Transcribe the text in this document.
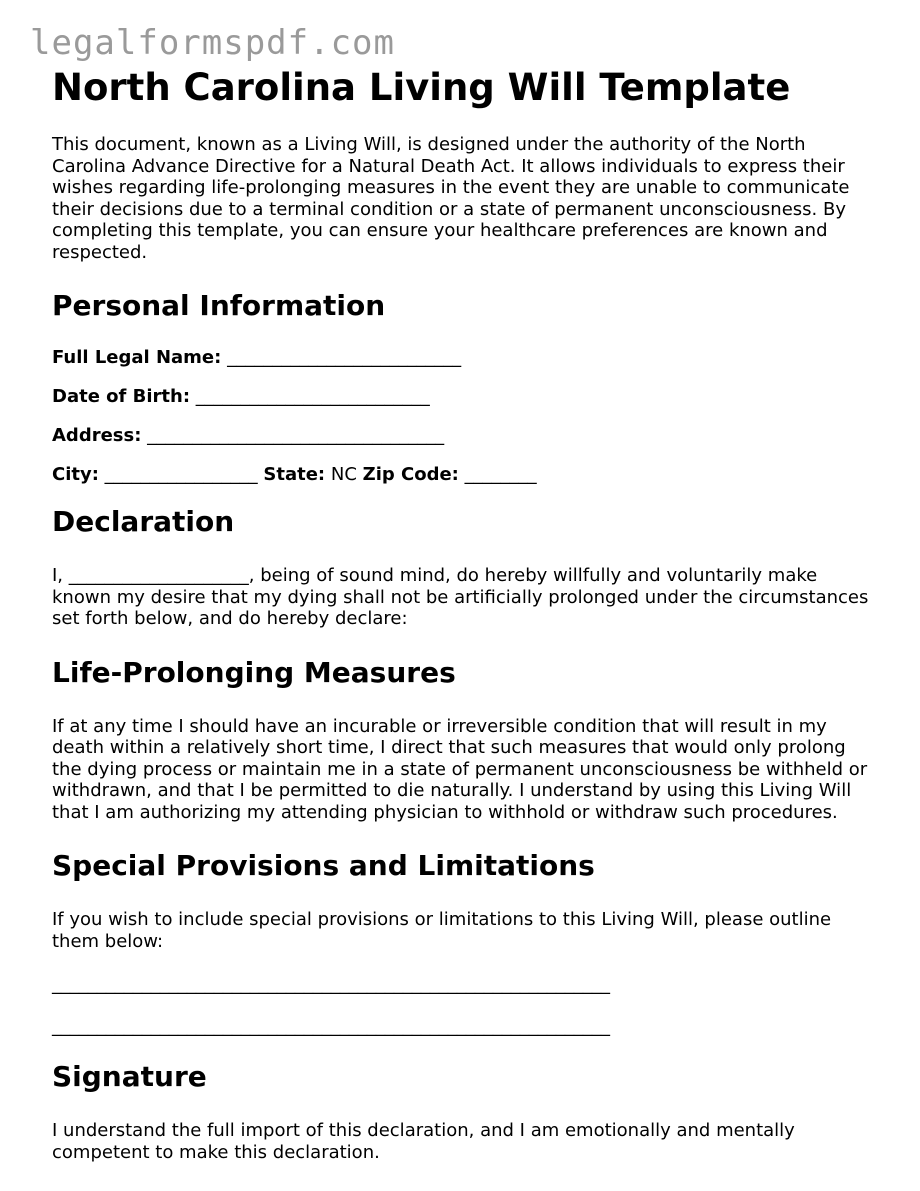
legalformspdf.com
North Carolina Living Will Template

This document, known as a Living Will, is designed under the authority of the North Carolina Advance Directive for a Natural Death Act. It allows individuals to express their wishes regarding life-prolonging measures in the event they are unable to communicate their decisions due to a terminal condition or a state of permanent unconsciousness. By completing this template, you can ensure your healthcare preferences are known and respected.

Personal Information
Full Legal Name: __________________________
Date of Birth: __________________________
Address: _________________________________
City: _________________ State: NC Zip Code: ________
Declaration

I, ____________________, being of sound mind, do hereby willfully and voluntarily make known my desire that my dying shall not be artificially prolonged under the circumstances set forth below, and do hereby declare:

Life-Prolonging Measures

If at any time I should have an incurable or irreversible condition that will result in my death within a relatively short time, I direct that such measures that would only prolong the dying process or maintain me in a state of permanent unconsciousness be withheld or withdrawn, and that I be permitted to die naturally. I understand by using this Living Will that I am authorizing my attending physician to withhold or withdraw such procedures.

Special Provisions and Limitations

If you wish to include special provisions or limitations to this Living Will, please outline them below:

______________________________________________________________
______________________________________________________________
Signature

I understand the full import of this declaration, and I am emotionally and mentally competent to make this declaration.
